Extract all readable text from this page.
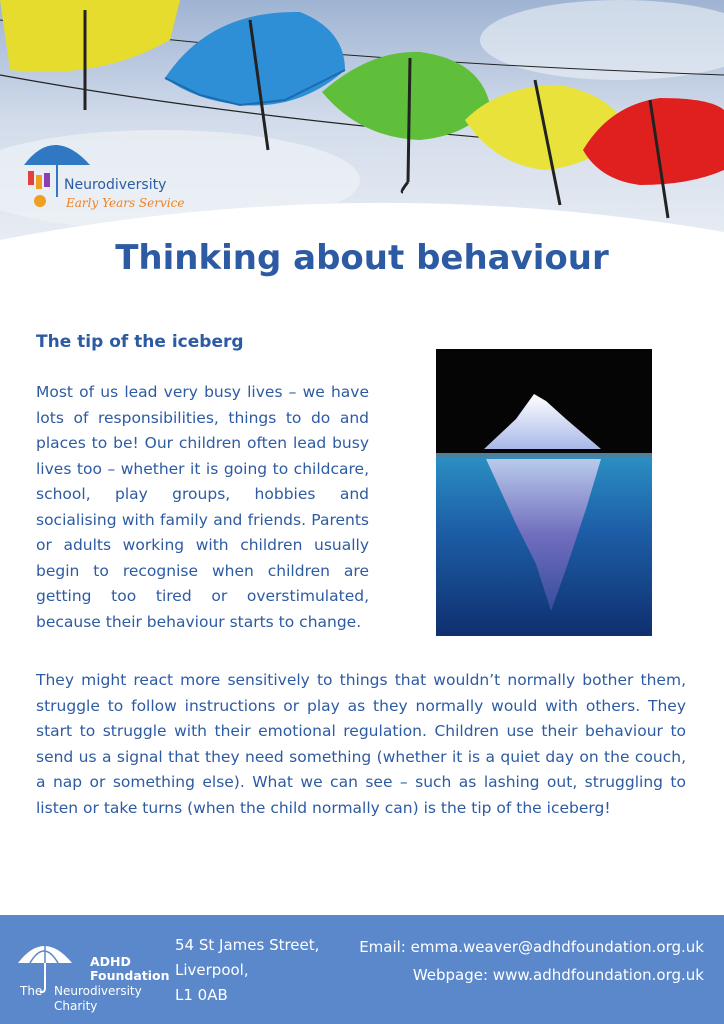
Neurodiversity
Early Years Service
Thinking about behaviour
The tip of the iceberg

Most of us lead very busy lives – we have lots of responsibilities, things to do and places to be! Our children often lead busy lives too – whether it is going to childcare, school, play groups, hobbies and socialising with family and friends. Parents or adults working with children usually begin to recognise when children are getting too tired or overstimulated, because their behaviour starts to change.

They might react more sensitively to things that wouldn’t normally bother them, struggle to follow instructions or play as they normally would with others. They start to struggle with their emotional regulation. Children use their behaviour to send us a signal that they need something (whether it is a quiet day on the couch, a nap or something else). What we can see – such as lashing out, struggling to listen or take turns (when the child normally can) is the tip of the iceberg!

ADHD
Foundation
The Neurodiversity
Charity
54 St James Street,
Liverpool,
L1 0AB
Email: emma.weaver@adhdfoundation.org.uk
Webpage: www.adhdfoundation.org.uk
